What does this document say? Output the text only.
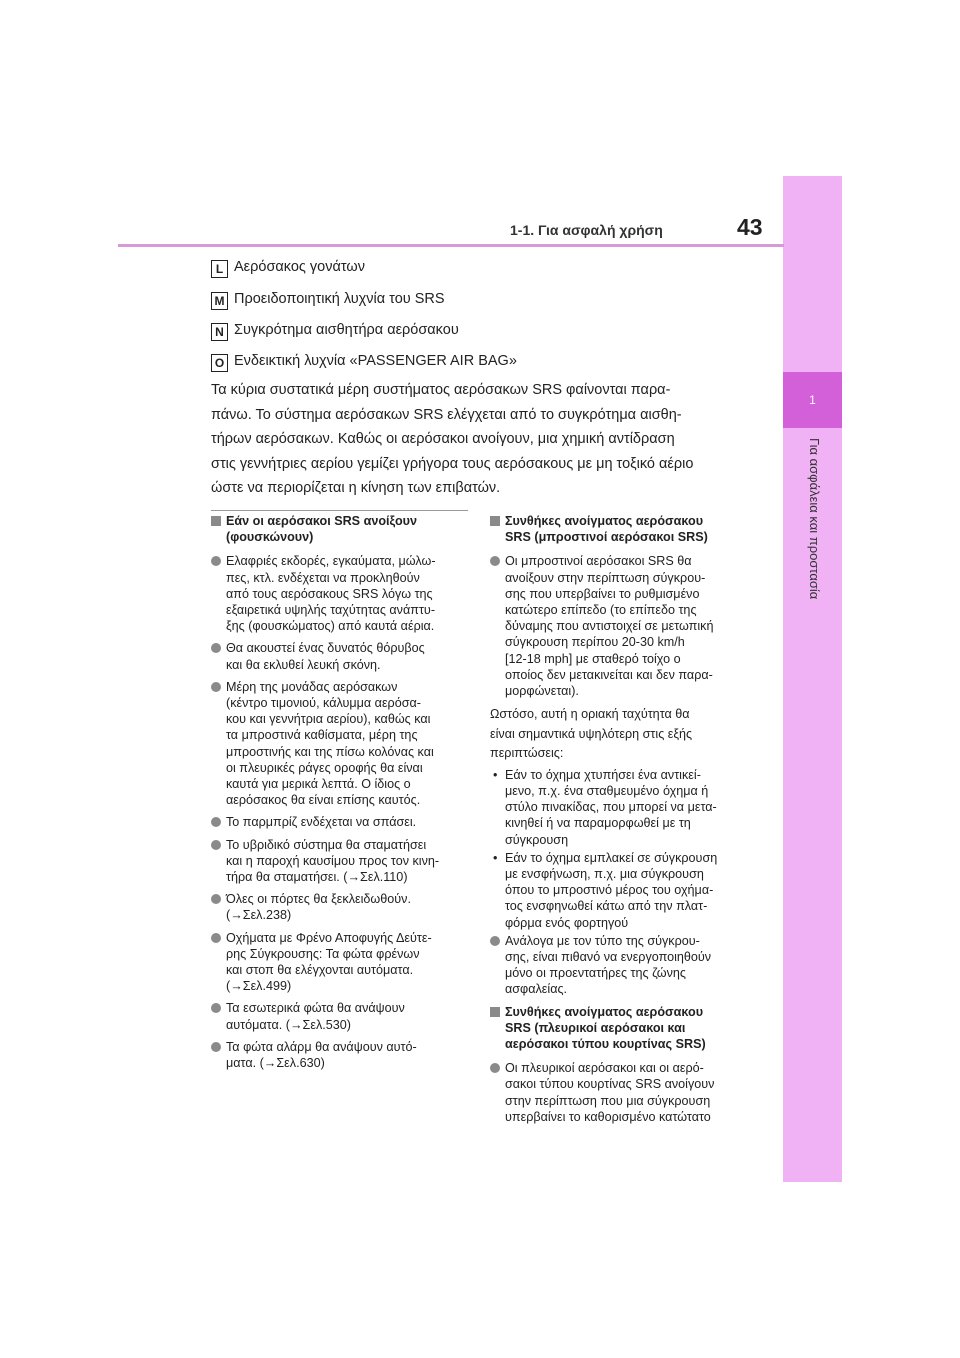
1
Για ασφάλεια και προστασία
1-1. Για ασφαλή χρήση	43
L Αερόσακος γονάτων
M Προειδοποιητική λυχνία του SRS
N Συγκρότημα αισθητήρα αερόσακου
O Ενδεικτική λυχνία «PASSENGER AIR BAG»
Τα κύρια συστατικά μέρη συστήματος αερόσακων SRS φαίνονται παρα-
πάνω. Το σύστημα αερόσακων SRS ελέγχεται από το συγκρότημα αισθη-
τήρων αερόσακων. Καθώς οι αερόσακοι ανοίγουν, μια χημική αντίδραση
στις γεννήτριες αερίου γεμίζει γρήγορα τους αερόσακους με μη τοξικό αέριο
ώστε να περιορίζεται η κίνηση των επιβατών.
Εάν οι αερόσακοι SRS ανοίξουν
(φουσκώνουν)
Ελαφριές εκδορές, εγκαύματα, μώλω-
πες, κτλ. ενδέχεται να προκληθούν
από τους αερόσακους SRS λόγω της
εξαιρετικά υψηλής ταχύτητας ανάπτυ-
ξης (φουσκώματος) από καυτά αέρια.
Θα ακουστεί ένας δυνατός θόρυβος
και θα εκλυθεί λευκή σκόνη.
Μέρη της μονάδας αερόσακων
(κέντρο τιμονιού, κάλυμμα αερόσα-
κου και γεννήτρια αερίου), καθώς και
τα μπροστινά καθίσματα, μέρη της
μπροστινής και της πίσω κολόνας και
οι πλευρικές ράγες οροφής θα είναι
καυτά για μερικά λεπτά. Ο ίδιος ο
αερόσακος θα είναι επίσης καυτός.
Το παρμπρίζ ενδέχεται να σπάσει.
Το υβριδικό σύστημα θα σταματήσει
και η παροχή καυσίμου προς τον κινη-
τήρα θα σταματήσει. (→Σελ.110)
Όλες οι πόρτες θα ξεκλειδωθούν.
(→Σελ.238)
Οχήματα με Φρένο Αποφυγής Δεύτε-
ρης Σύγκρουσης: Τα φώτα φρένων
και στοπ θα ελέγχονται αυτόματα.
(→Σελ.499)
Τα εσωτερικά φώτα θα ανάψουν
αυτόματα. (→Σελ.530)
Τα φώτα αλάρμ θα ανάψουν αυτό-
ματα. (→Σελ.630)
Συνθήκες ανοίγματος αερόσακου
SRS (μπροστινοί αερόσακοι SRS)
Οι μπροστινοί αερόσακοι SRS θα
ανοίξουν στην περίπτωση σύγκρου-
σης που υπερβαίνει το ρυθμισμένο
κατώτερο επίπεδο (το επίπεδο της
δύναμης που αντιστοιχεί σε μετωπική
σύγκρουση περίπου 20-30 km/h
[12-18 mph] με σταθερό τοίχο ο
οποίος δεν μετακινείται και δεν παρα-
μορφώνεται).
Ωστόσο, αυτή η οριακή ταχύτητα θα
είναι σημαντικά υψηλότερη στις εξής
περιπτώσεις:
• Εάν το όχημα χτυπήσει ένα αντικεί-
μενο, π.χ. ένα σταθμευμένο όχημα ή
στύλο πινακίδας, που μπορεί να μετα-
κινηθεί ή να παραμορφωθεί με τη
σύγκρουση
• Εάν το όχημα εμπλακεί σε σύγκρουση
με ενσφήνωση, π.χ. μια σύγκρουση
όπου το μπροστινό μέρος του οχήμα-
τος ενσφηνωθεί κάτω από την πλατ-
φόρμα ενός φορτηγού
Ανάλογα με τον τύπο της σύγκρου-
σης, είναι πιθανό να ενεργοποιηθούν
μόνο οι προεντατήρες της ζώνης
ασφαλείας.
Συνθήκες ανοίγματος αερόσακου
SRS (πλευρικοί αερόσακοι και
αερόσακοι τύπου κουρτίνας SRS)
Οι πλευρικοί αερόσακοι και οι αερό-
σακοι τύπου κουρτίνας SRS ανοίγουν
στην περίπτωση που μια σύγκρουση
υπερβαίνει το καθορισμένο κατώτατο
